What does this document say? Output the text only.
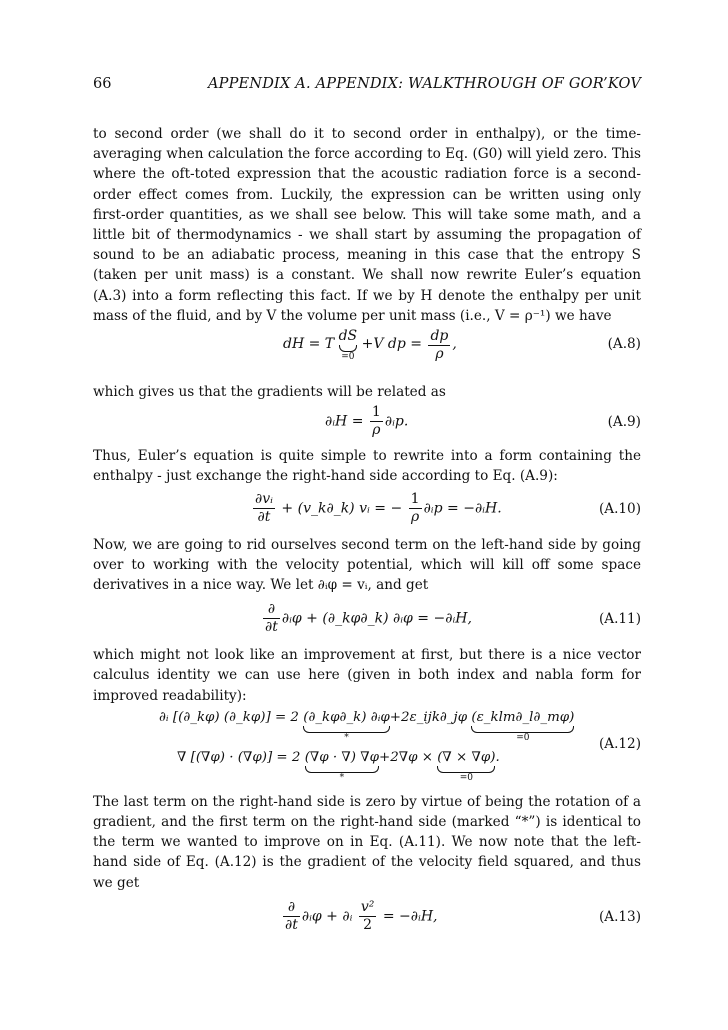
66	APPENDIX A. APPENDIX: WALKTHROUGH OF GOR’KOV

to second order (we shall do it to second order in enthalpy), or the time-averaging when calculation the force according to Eq. (G0) will yield zero. This where the oft-toted expression that the acoustic radiation force is a second-order effect comes from. Luckily, the expression can be written using only first-order quantities, as we shall see below. This will take some math, and a little bit of thermodynamics - we shall start by assuming the propagation of sound to be an adiabatic process, meaning in this case that the entropy S (taken per unit mass) is a constant. We shall now rewrite Euler’s equation (A.3) into a form reflecting this fact. If we by H denote the enthalpy per unit mass of the fluid, and by V the volume per unit mass (i.e., V = ρ⁻¹) we have

dH = T dS
=0
+V dp = $\frac{dp}{\rho}$ ,	(A.8)

which gives us that the gradients will be related as

∂ᵢH = $\frac{1}{\rho}$ ∂ᵢp.	(A.9)

Thus, Euler’s equation is quite simple to rewrite into a form containing the enthalpy - just exchange the right-hand side according to Eq. (A.9):

$\frac{\text{∂vᵢ}}{\partial t}$ + (v_k∂_k) vᵢ = − $\frac{1}{\rho}$ ∂ᵢp = −∂ᵢH.	(A.10)

Now, we are going to rid ourselves second term on the left-hand side by going over to working with the velocity potential, which will kill off some space derivatives in a nice way. We let ∂ᵢφ = vᵢ, and get

$\frac{\partial}{\partial t}$ ∂ᵢφ + (∂_kφ∂_k) ∂ᵢφ = −∂ᵢH,	(A.11)

which might not look like an improvement at first, but there is a nice vector calculus identity we can use here (given in both index and nabla form for improved readability):

∂ᵢ [(∂_kφ) (∂_kφ)] = 2 (∂_kφ∂_k) ∂ᵢφ
*
+2ε_ijk∂_jφ (ε_klm∂_l∂_mφ)
=0
∇ [(∇φ) · (∇φ)] = 2 (∇φ · ∇) ∇φ
*
+2∇φ × (∇ × ∇φ)
=0
.
(A.12)

The last term on the right-hand side is zero by virtue of being the rotation of a gradient, and the first term on the right-hand side (marked “*”) is identical to the term we wanted to improve on in Eq. (A.11). We now note that the left-hand side of Eq. (A.12) is the gradient of the velocity field squared, and thus we get

$\frac{\partial}{\partial t}$ ∂ᵢφ + ∂ᵢ $\frac{\text{v²}}{2}$ = −∂ᵢH,	(A.13)
